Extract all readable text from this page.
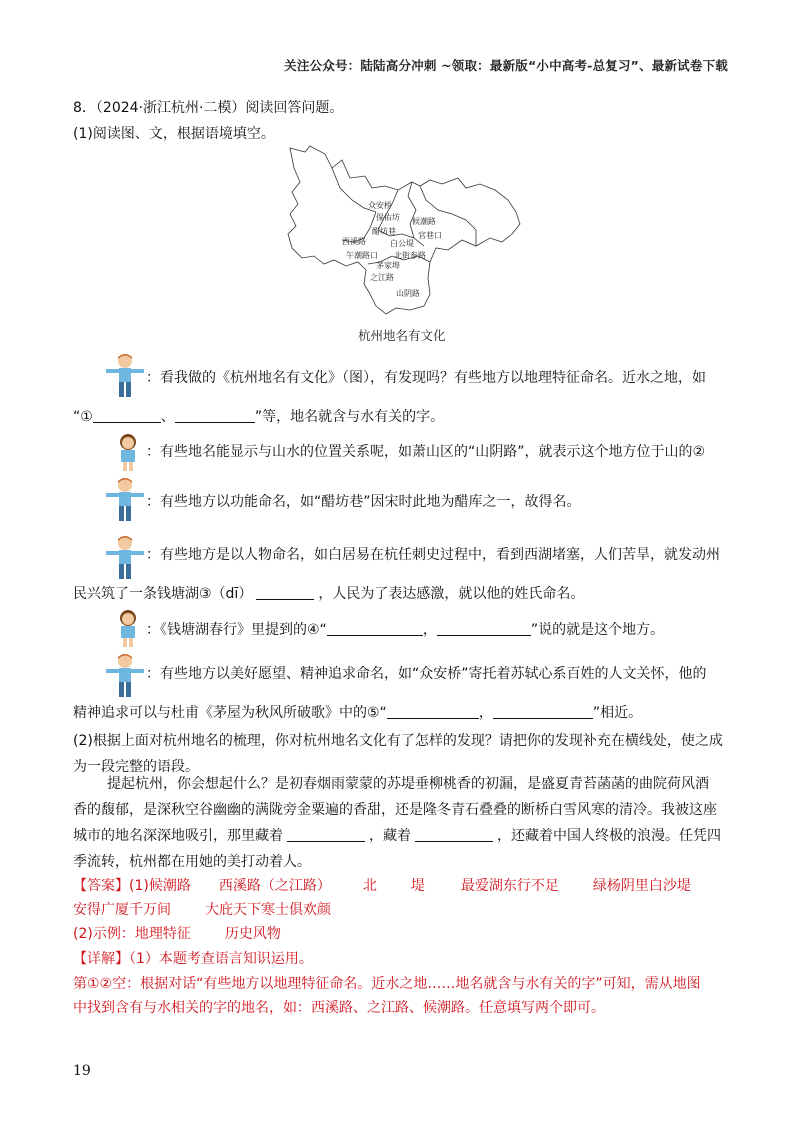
关注公众号：陆陆高分冲刺 ~领取：最新版“小中高考-总复习”、最新试卷下载
8．（2024·浙江杭州·二模）阅读回答问题。
(1)阅读图、文，根据语境填空。
众安桥
保佑坊 候潮路
醋坊巷	官巷口
西溪路	白公堤
午潮路口 北街参路
茅家埠
之江路
山阴路
杭州地名有文化
：看我做的《杭州地名有文化》（图），有发现吗？有些地方以地理特征命名。近水之地，如
“①	、	”等，地名就含与水有关的字。
：有些地名能显示与山水的位置关系呢，如萧山区的“山阴路”，就表示这个地方位于山的②
：有些地方以功能命名，如“醋坊巷”因宋时此地为醋库之一，故得名。
：有些地方是以人物命名，如白居易在杭任刺史过程中，看到西湖堵塞，人们苦旱，就发动州
民兴筑了一条钱塘湖③（dī）	，人民为了表达感激，就以他的姓氏命名。
：《钱塘湖春行》里提到的④“	，	”说的就是这个地方。
：有些地方以美好愿望、精神追求命名，如“众安桥”寄托着苏轼心系百姓的人文关怀，他的
精神追求可以与杜甫《茅屋为秋风所破歌》中的⑤“	，	”相近。
(2)根据上面对杭州地名的梳理，你对杭州地名文化有了怎样的发现？请把你的发现补充在横线处，使之成
为一段完整的语段。
提起杭州，你会想起什么？是初春烟雨蒙蒙的苏堤垂柳桃香的初漏，是盛夏青苔菡菡的曲院荷风酒
香的馥郁，是深秋空谷幽幽的满陇旁金粟遍的香甜，还是隆冬青石叠叠的断桥白雪风寒的清冷。我被这座
城市的地名深深地吸引，那里藏着	，藏着	，还藏着中国人终极的浪漫。任凭四
季流转，杭州都在用她的美打动着人。
【答案】(1)候潮路 西溪路（之江路） 北 堤	最爱湖东行不足 绿杨阴里白沙堤
安得广厦千万间 大庇天下寒士俱欢颜
(2)示例：地理特征 历史风物
【详解】（1）本题考查语言知识运用。
第①②空：根据对话“有些地方以地理特征命名。近水之地……地名就含与水有关的字”可知，需从地图
中找到含有与水相关的字的地名，如：西溪路、之江路、候潮路。任意填写两个即可。
19
